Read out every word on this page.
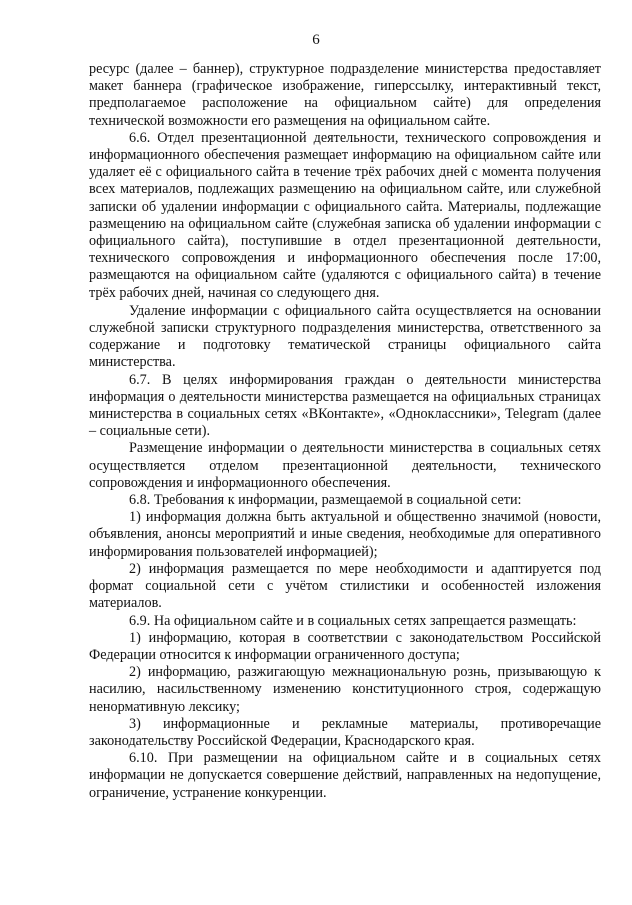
6

ресурс (далее – баннер), структурное подразделение министерства предоставляет макет баннера (графическое изображение, гиперссылку, интерактивный текст, предполагаемое расположение на официальном сайте) для определения технической возможности его размещения на официальном сайте.

6.6. Отдел презентационной деятельности, технического сопровождения и информационного обеспечения размещает информацию на официальном сайте или удаляет её с официального сайта в течение трёх рабочих дней с момента получения всех материалов, подлежащих размещению на официальном сайте, или служебной записки об удалении информации с официального сайта. Материалы, подлежащие размещению на официальном сайте (служебная записка об удалении информации с официального сайта), поступившие в отдел презентационной деятельности, технического сопровождения и информационного обеспечения после 17:00, размещаются на официальном сайте (удаляются с официального сайта) в течение трёх рабочих дней, начиная со следующего дня.

Удаление информации с официального сайта осуществляется на основании служебной записки структурного подразделения министерства, ответственного за содержание и подготовку тематической страницы официального сайта министерства.

6.7. В целях информирования граждан о деятельности министерства информация о деятельности министерства размещается на официальных страницах министерства в социальных сетях «ВКонтакте», «Одноклассники», Telegram (далее – социальные сети).

Размещение информации о деятельности министерства в социальных сетях осуществляется отделом презентационной деятельности, технического сопровождения и информационного обеспечения.

6.8. Требования к информации, размещаемой в социальной сети:

1) информация должна быть актуальной и общественно значимой (новости, объявления, анонсы мероприятий и иные сведения, необходимые для оперативного информирования пользователей информацией);

2) информация размещается по мере необходимости и адаптируется под формат социальной сети с учётом стилистики и особенностей изложения материалов.

6.9. На официальном сайте и в социальных сетях запрещается размещать:

1) информацию, которая в соответствии с законодательством Российской Федерации относится к информации ограниченного доступа;

2) информацию, разжигающую межнациональную рознь, призывающую к насилию, насильственному изменению конституционного строя, содержащую ненормативную лексику;

3) информационные и рекламные материалы, противоречащие законодательству Российской Федерации, Краснодарского края.

6.10. При размещении на официальном сайте и в социальных сетях информации не допускается совершение действий, направленных на недопущение, ограничение, устранение конкуренции.
